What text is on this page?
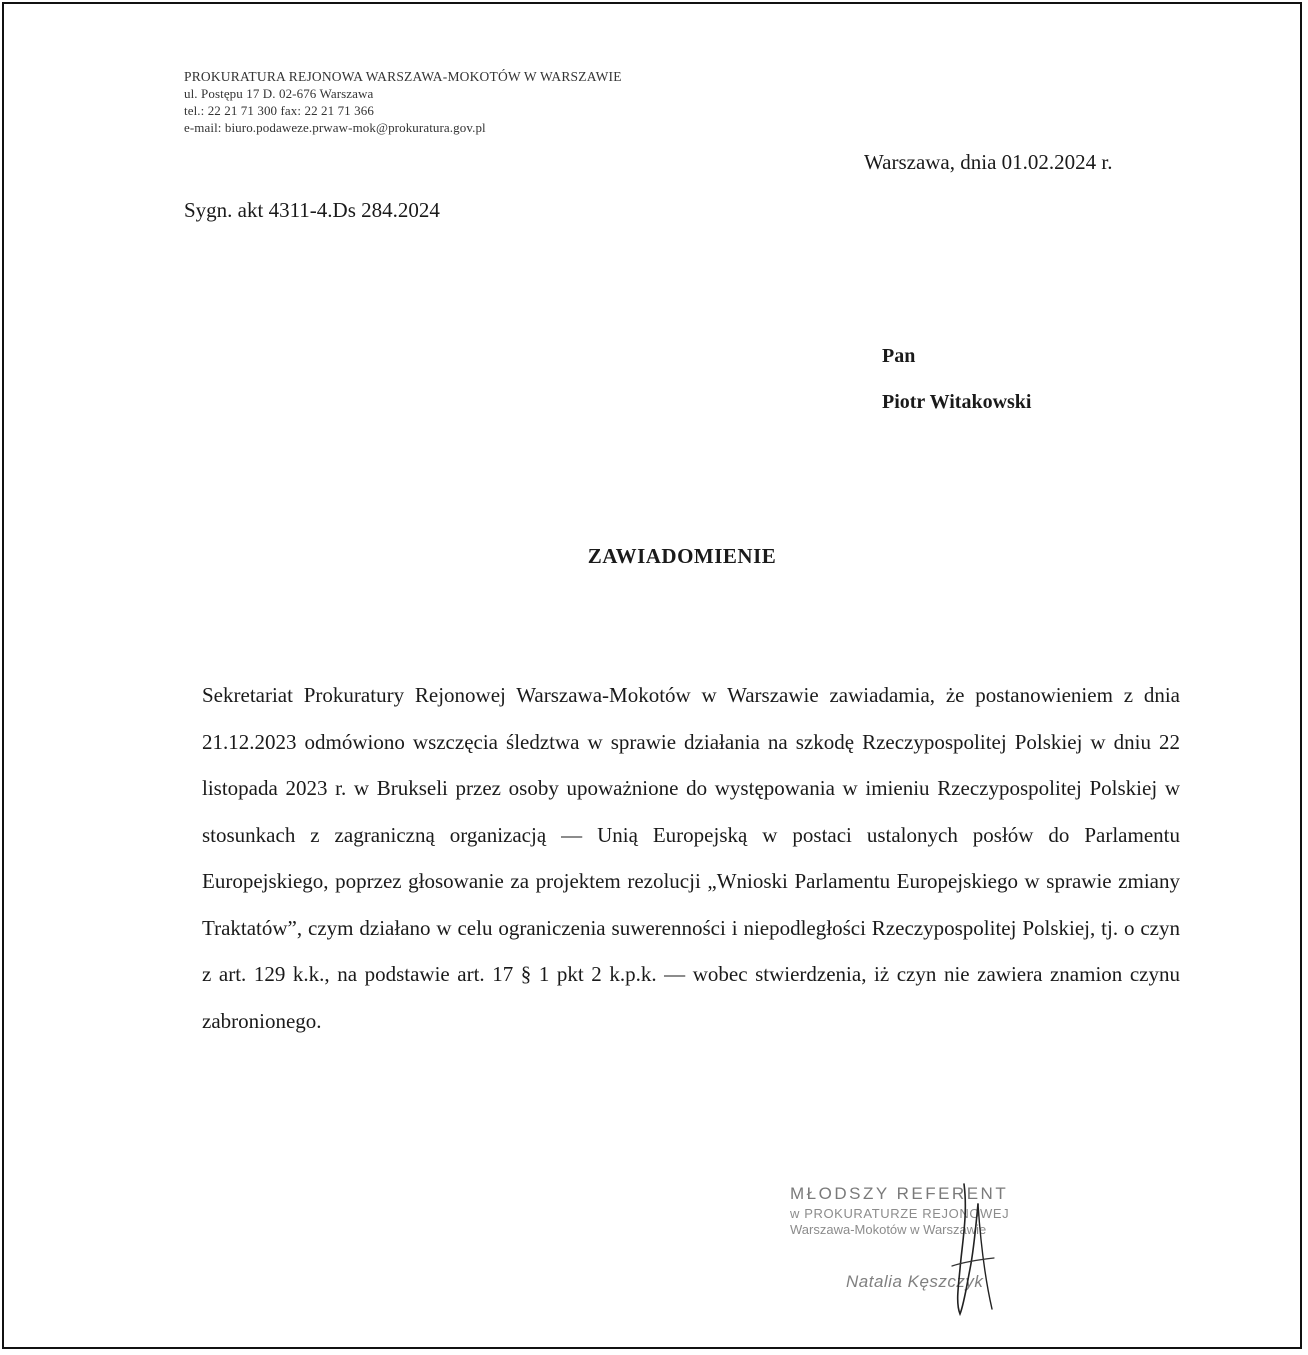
PROKURATURA REJONOWA WARSZAWA-MOKOTÓW W WARSZAWIE
ul. Postępu 17 D. 02-676 Warszawa
tel.: 22 21 71 300 fax: 22 21 71 366
e-mail: biuro.podaweze.prwaw-mok@prokuratura.gov.pl
Warszawa, dnia 01.02.2024 r.
Sygn. akt 4311-4.Ds 284.2024
Pan
Piotr Witakowski
ZAWIADOMIENIE
Sekretariat Prokuratury Rejonowej Warszawa-Mokotów w Warszawie zawiadamia, że postanowieniem z dnia 21.12.2023 odmówiono wszczęcia śledztwa w sprawie działania na szkodę Rzeczypospolitej Polskiej w dniu 22 listopada 2023 r. w Brukseli przez osoby upoważnione do występowania w imieniu Rzeczypospolitej Polskiej w stosunkach z zagraniczną organizacją — Unią Europejską w postaci ustalonych posłów do Parlamentu Europejskiego, poprzez głosowanie za projektem rezolucji „Wnioski Parlamentu Europejskiego w sprawie zmiany Traktatów”, czym działano w celu ograniczenia suwerenności i niepodległości Rzeczypospolitej Polskiej, tj. o czyn z art. 129 k.k., na podstawie art. 17 § 1 pkt 2 k.p.k. — wobec stwierdzenia, iż czyn nie zawiera znamion czynu zabronionego.
MŁODSZY REFERENT
w PROKURATURZE REJONOWEJ
Warszawa-Mokotów w Warszawie
Natalia Kęszczyk
